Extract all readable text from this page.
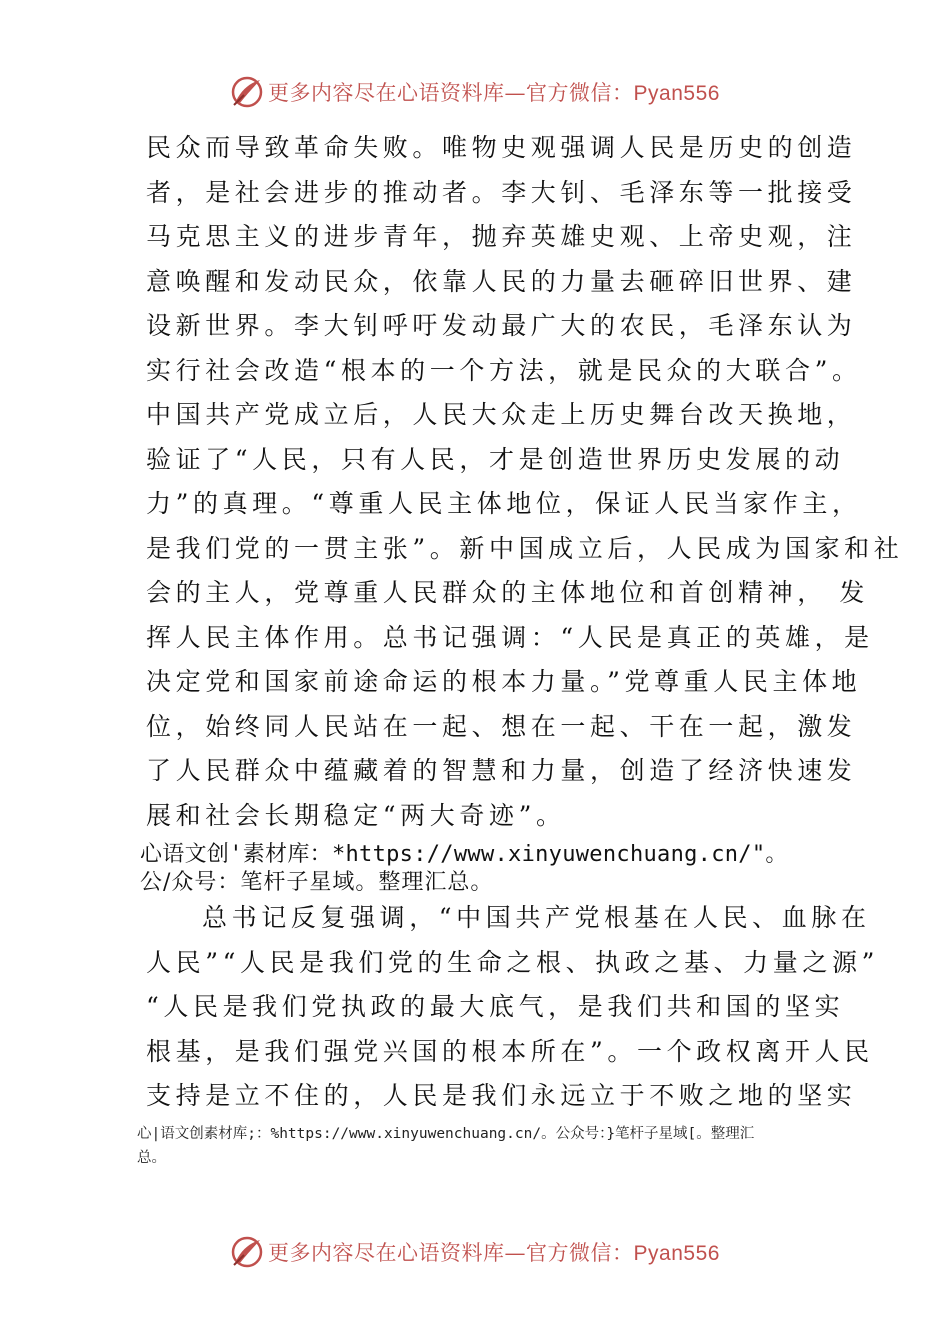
更多内容尽在心语资料库—官方微信：Pyan556
民众而导致革命失败。唯物史观强调人民是历史的创造
者，是社会进步的推动者。李大钊、毛泽东等一批接受
马克思主义的进步青年，抛弃英雄史观、上帝史观，注
意唤醒和发动民众，依靠人民的力量去砸碎旧世界、建
设新世界。李大钊呼吁发动最广大的农民，毛泽东认为
实行社会改造“根本的一个方法，就是民众的大联合”。
中国共产党成立后，人民大众走上历史舞台改天换地，
验证了“人民，只有人民，才是创造世界历史发展的动
力”的真理。“尊重人民主体地位，保证人民当家作主，
是我们党的一贯主张”。新中国成立后，人民成为国家和社
会的主人，党尊重人民群众的主体地位和首创精神， 发
挥人民主体作用。总书记强调：“人民是真正的英雄，是
决定党和国家前途命运的根本力量。”党尊重人民主体地
位，始终同人民站在一起、想在一起、干在一起，激发
了人民群众中蕴藏着的智慧和力量，创造了经济快速发
展和社会长期稳定“两大奇迹”。
心语文创'素材库：*https://www.xinyuwenchuang.cn/"。
公/众号：笔杆子星域。整理汇总。
总书记反复强调，“中国共产党根基在人民、血脉在
人民”“人民是我们党的生命之根、执政之基、力量之源”
“人民是我们党执政的最大底气，是我们共和国的坚实
根基，是我们强党兴国的根本所在”。一个政权离开人民
支持是立不住的，人民是我们永远立于不败之地的坚实
心|语文创素材库;：%https://www.xinyuwenchuang.cn/。公众号：}笔杆子星域[。整理汇
总。
更多内容尽在心语资料库—官方微信：Pyan556
